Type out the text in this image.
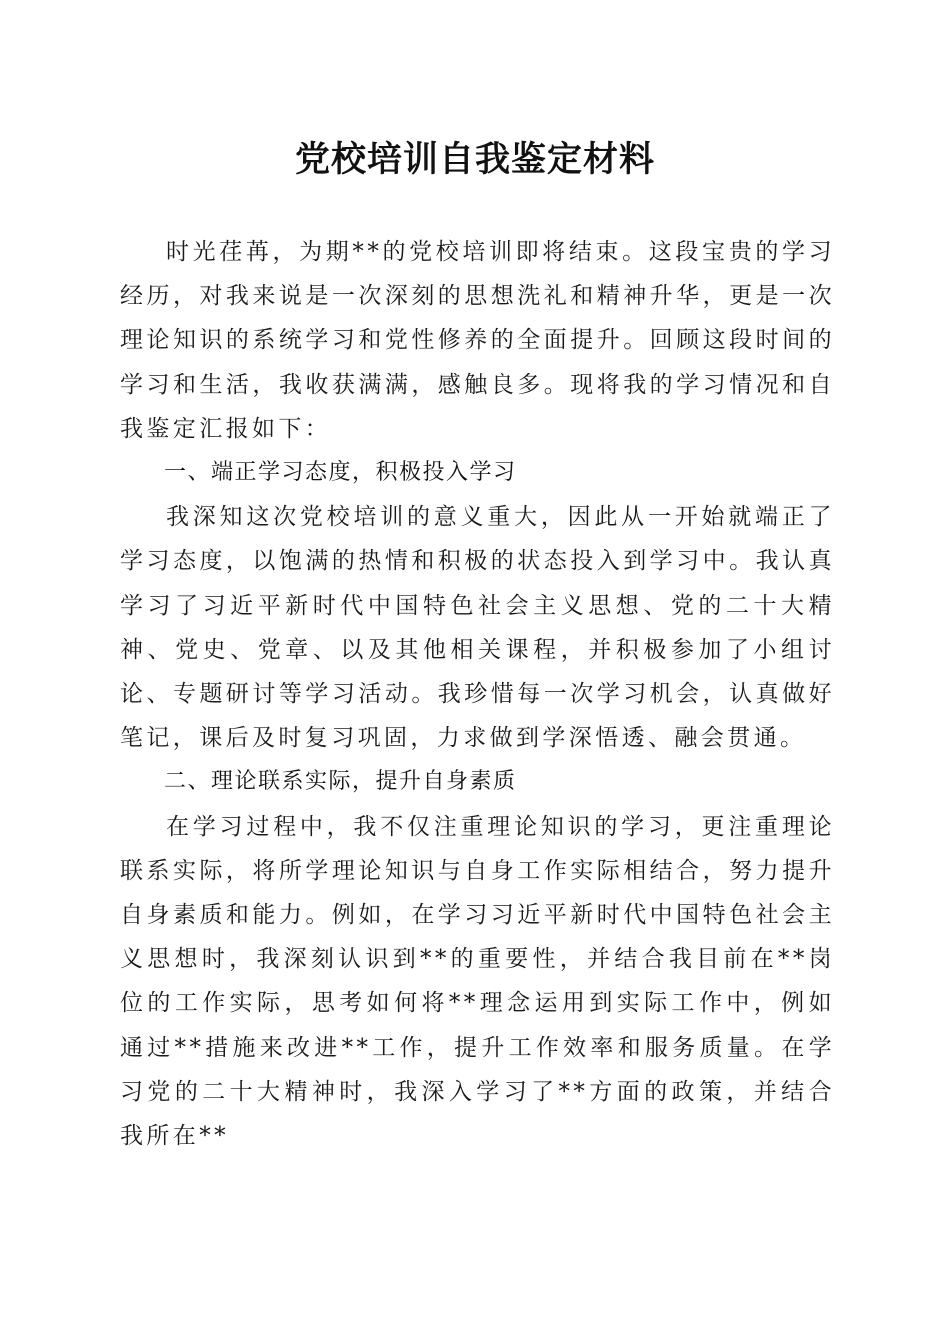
党校培训自我鉴定材料

时光荏苒，为期**的党校培训即将结束。这段宝贵的学习经历，对我来说是一次深刻的思想洗礼和精神升华，更是一次理论知识的系统学习和党性修养的全面提升。回顾这段时间的学习和生活，我收获满满，感触良多。现将我的学习情况和自我鉴定汇报如下：

一、端正学习态度，积极投入学习

我深知这次党校培训的意义重大，因此从一开始就端正了学习态度，以饱满的热情和积极的状态投入到学习中。我认真学习了习近平新时代中国特色社会主义思想、党的二十大精神、党史、党章、以及其他相关课程，并积极参加了小组讨论、专题研讨等学习活动。我珍惜每一次学习机会，认真做好笔记，课后及时复习巩固，力求做到学深悟透、融会贯通。

二、理论联系实际，提升自身素质

在学习过程中，我不仅注重理论知识的学习，更注重理论联系实际，将所学理论知识与自身工作实际相结合，努力提升自身素质和能力。例如，在学习习近平新时代中国特色社会主义思想时，我深刻认识到**的重要性，并结合我目前在**岗位的工作实际，思考如何将**理念运用到实际工作中，例如通过**措施来改进**工作，提升工作效率和服务质量。在学习党的二十大精神时，我深入学习了**方面的政策，并结合我所在**
